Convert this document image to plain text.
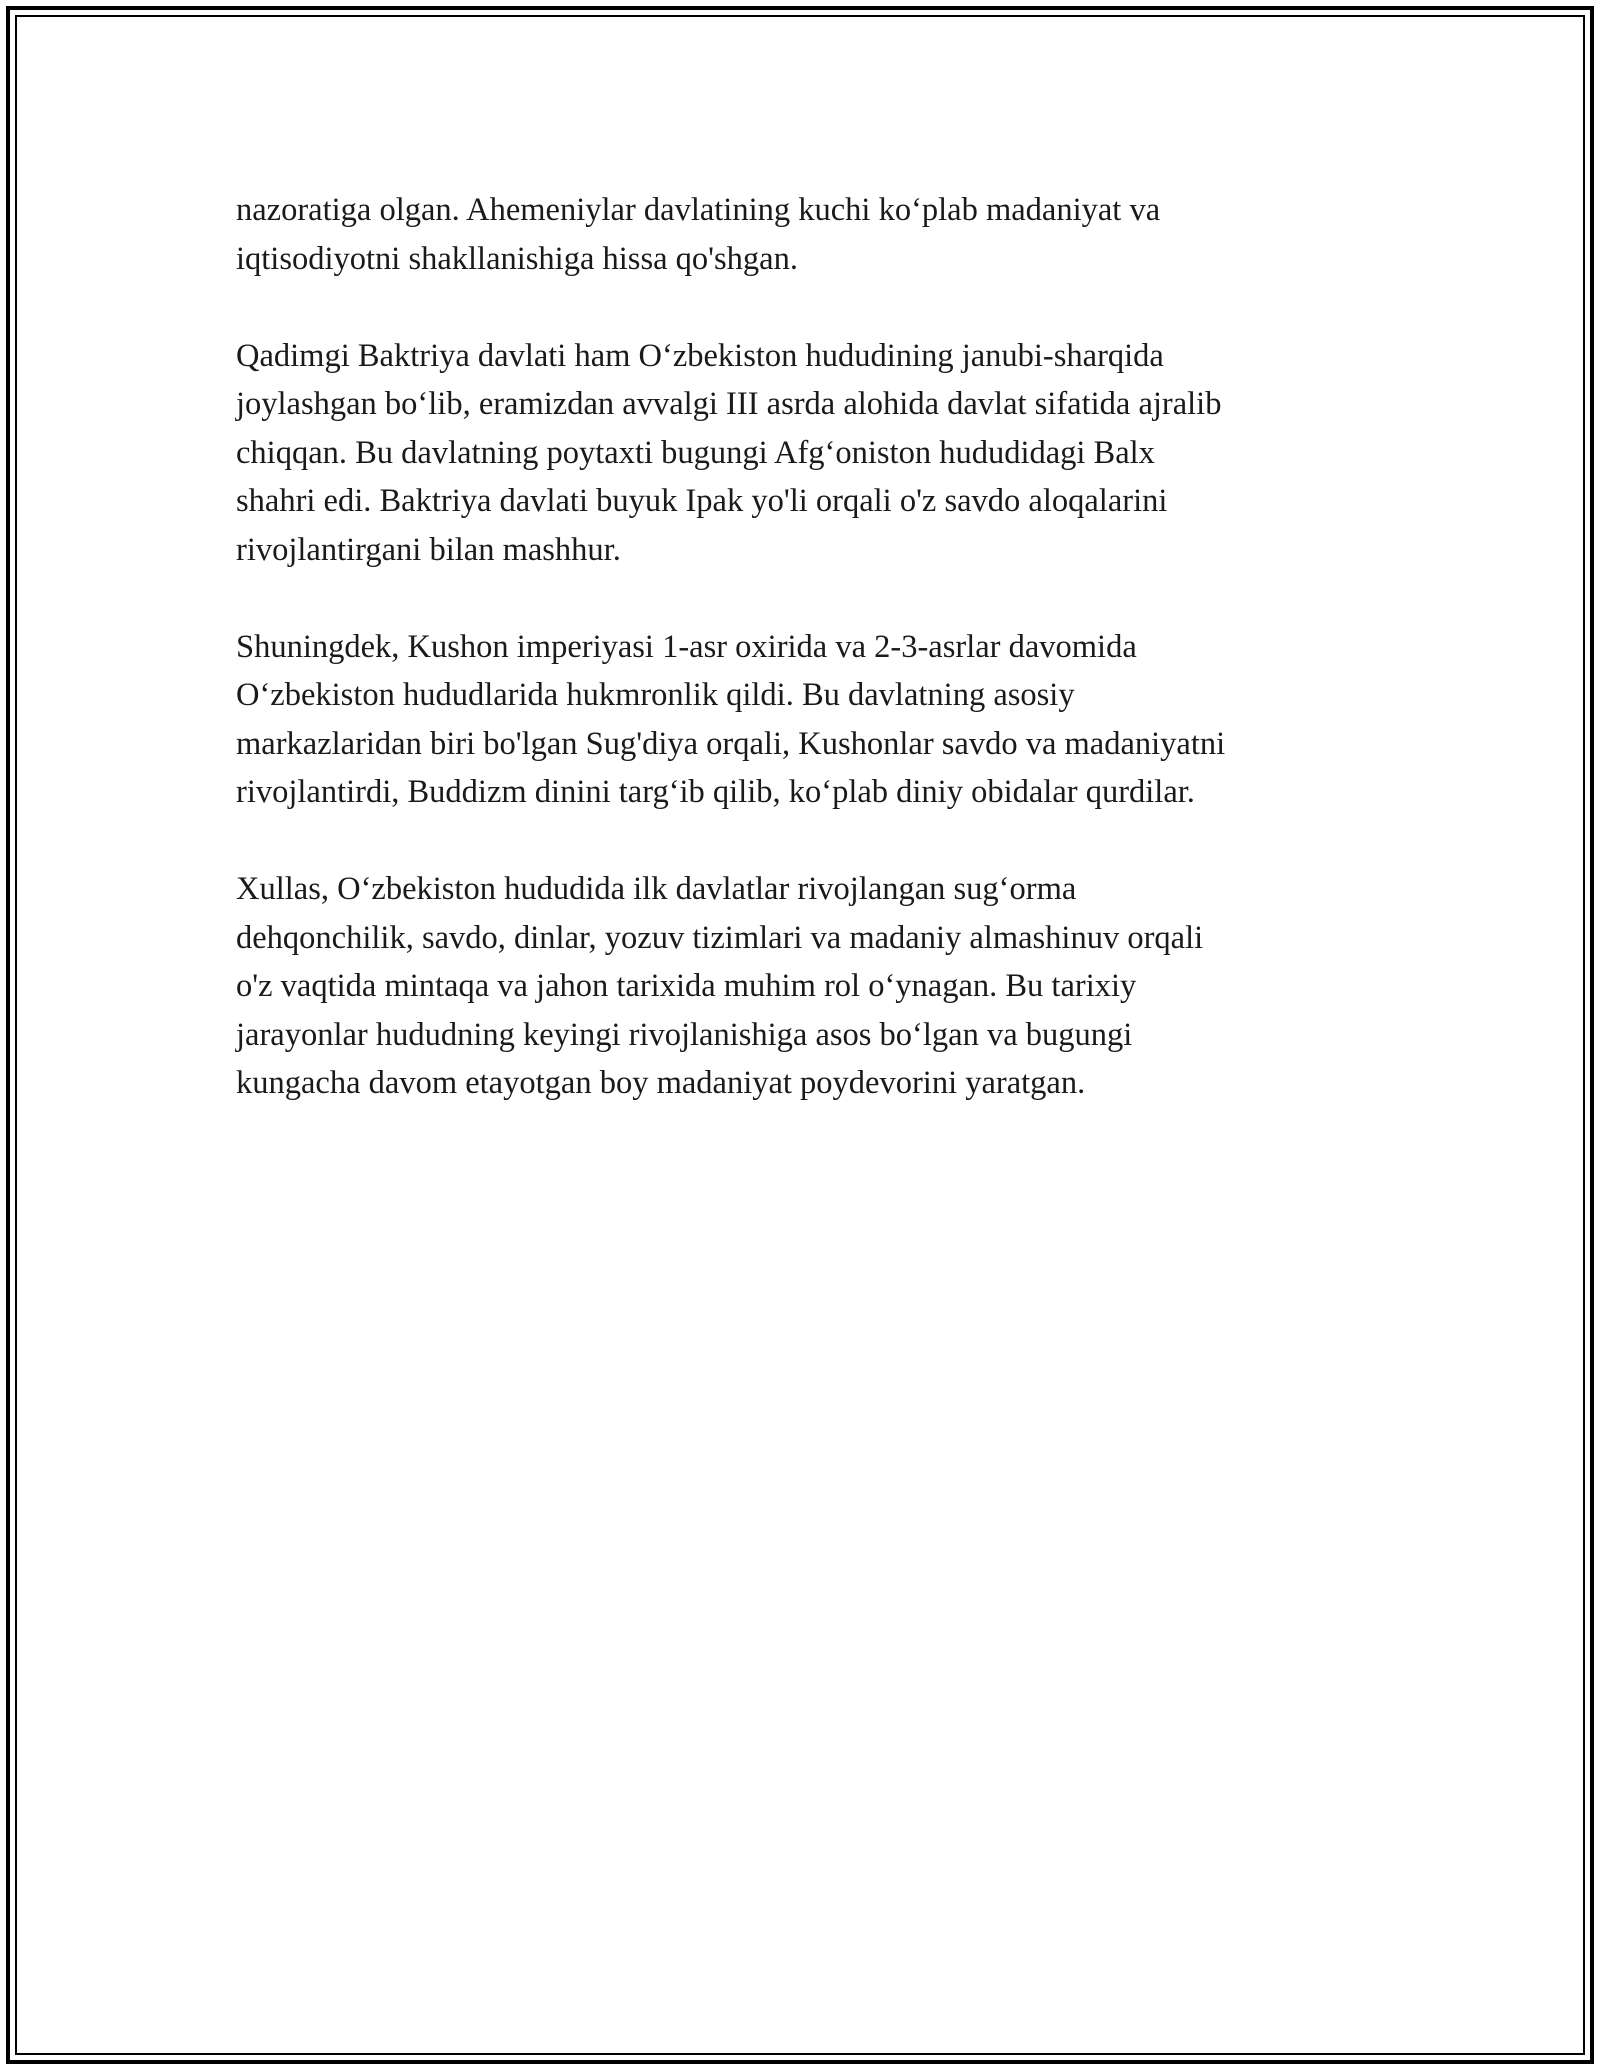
nazoratiga olgan. Ahemeniylar davlatining kuchi ko‘plab madaniyat va
iqtisodiyotni shakllanishiga hissa qo'shgan.

Qadimgi Baktriya davlati ham O‘zbekiston hududining janubi-sharqida
joylashgan bo‘lib, eramizdan avvalgi III asrda alohida davlat sifatida ajralib
chiqqan. Bu davlatning poytaxti bugungi Afg‘oniston hududidagi Balx
shahri edi. Baktriya davlati buyuk Ipak yo'li orqali o'z savdo aloqalarini
rivojlantirgani bilan mashhur.

Shuningdek, Kushon imperiyasi 1-asr oxirida va 2-3-asrlar davomida
O‘zbekiston hududlarida hukmronlik qildi. Bu davlatning asosiy
markazlaridan biri bo'lgan Sug'diya orqali, Kushonlar savdo va madaniyatni
rivojlantirdi, Buddizm dinini targ‘ib qilib, ko‘plab diniy obidalar qurdilar.

Xullas, O‘zbekiston hududida ilk davlatlar rivojlangan sug‘orma
dehqonchilik, savdo, dinlar, yozuv tizimlari va madaniy almashinuv orqali
o'z vaqtida mintaqa va jahon tarixida muhim rol o‘ynagan. Bu tarixiy
jarayonlar hududning keyingi rivojlanishiga asos bo‘lgan va bugungi
kungacha davom etayotgan boy madaniyat poydevorini yaratgan.
